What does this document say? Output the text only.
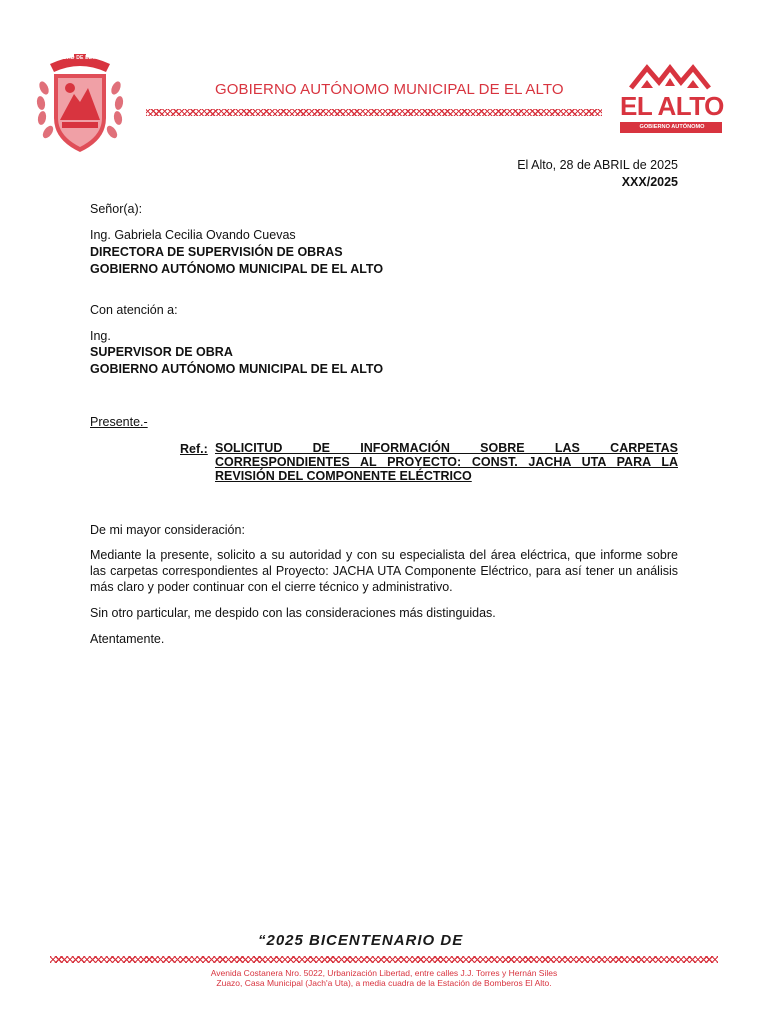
CIUDAD DE EL ALTO
GOBIERNO AUTÓNOMO MUNICIPAL DE EL ALTO
EL ALTO
GOBIERNO AUTÓNOMO MUNICIPAL
El Alto, 28 de ABRIL de 2025
XXX/2025
Señor(a):
Ing. Gabriela Cecilia Ovando Cuevas
DIRECTORA DE SUPERVISIÓN DE OBRAS
GOBIERNO AUTÓNOMO MUNICIPAL DE EL ALTO
Con atención a:
Ing.
SUPERVISOR DE OBRA
GOBIERNO AUTÓNOMO MUNICIPAL DE EL ALTO
Presente.-
Ref.: SOLICITUD DE INFORMACIÓN SOBRE LAS CARPETAS CORRESPONDIENTES AL PROYECTO: CONST. JACHA UTA PARA LA REVISIÓN DEL COMPONENTE ELÉCTRICO
De mi mayor consideración:
Mediante la presente, solicito a su autoridad y con su especialista del área eléctrica, que informe sobre las carpetas correspondientes al Proyecto: JACHA UTA Componente Eléctrico, para así tener un análisis más claro y poder continuar con el cierre técnico y administrativo.
Sin otro particular, me despido con las consideraciones más distinguidas.
Atentamente.
“2025 BICENTENARIO DE
Avenida Costanera Nro. 5022, Urbanización Libertad, entre calles J.J. Torres y Hernán Siles
Zuazo, Casa Municipal (Jach'a Uta), a media cuadra de la Estación de Bomberos El Alto.
